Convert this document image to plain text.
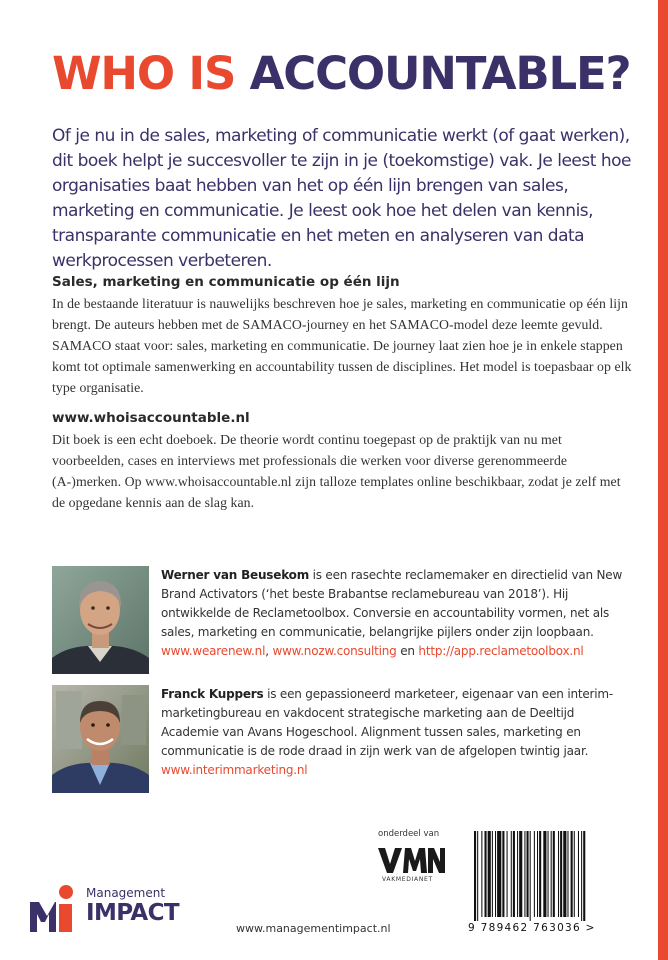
WHO IS ACCOUNTABLE?

Of je nu in de sales, marketing of communicatie werkt (of gaat werken), dit boek helpt je succesvoller te zijn in je (toekomstige) vak. Je leest hoe organisaties baat hebben van het op één lijn brengen van sales, marketing en communicatie. Je leest ook hoe het delen van kennis, transparante communicatie en het meten en analyseren van data werkprocessen verbeteren.

Sales, marketing en communicatie op één lijn

In de bestaande literatuur is nauwelijks beschreven hoe je sales, marketing en communicatie op één lijn brengt. De auteurs hebben met de SAMACO-journey en het SAMACO-model deze leemte gevuld. SAMACO staat voor: sales, marketing en communicatie. De journey laat zien hoe je in enkele stappen komt tot optimale samenwerking en accountability tussen de disciplines. Het model is toepasbaar op elk type organisatie.

www.whoisaccountable.nl

Dit boek is een echt doeboek. De theorie wordt continu toegepast op de praktijk van nu met voorbeelden, cases en interviews met professionals die werken voor diverse gerenommeerde (A-)merken. Op www.whoisaccountable.nl zijn talloze templates online beschikbaar, zodat je zelf met de opgedane kennis aan de slag kan.

Werner van Beusekom is een rasechte reclamemaker en directielid van New Brand Activators (‘het beste Brabantse reclamebureau van 2018’). Hij ontwikkelde de Reclametoolbox. Conversie en accountability vormen, net als sales, marketing en communicatie, belangrijke pijlers onder zijn loopbaan.
www.wearenew.nl, www.nozw.consulting en http://app.reclametoolbox.nl

Franck Kuppers is een gepassioneerd marketeer, eigenaar van een interim-marketingbureau en vakdocent strategische marketing aan de Deeltijd Academie van Avans Hogeschool. Alignment tussen sales, marketing en communicatie is de rode draad in zijn werk van de afgelopen twintig jaar.
www.interimmarketing.nl

Management
IMPACT
www.managementimpact.nl
onderdeel van
VAKMEDIANET
9 789462 763036 >
